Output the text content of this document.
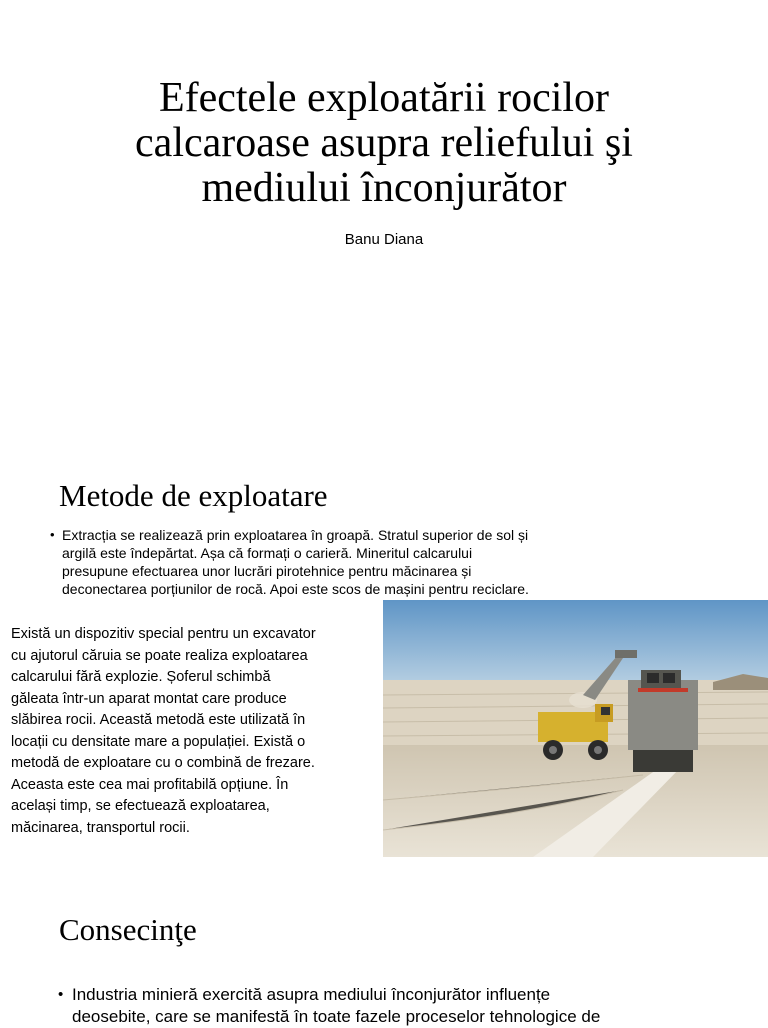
Efectele exploatării rocilor
calcaroase asupra reliefului şi
mediului înconjurător
Banu Diana
Metode de exploatare
• Extracția se realizează prin exploatarea în groapă. Stratul superior de sol și
argilă este îndepărtat. Așa că formați o carieră. Mineritul calcarului
presupune efectuarea unor lucrări pirotehnice pentru măcinarea și
deconectarea porțiunilor de rocă. Apoi este scos de mașini pentru reciclare.
Există un dispozitiv special pentru un excavator
cu ajutorul căruia se poate realiza exploatarea
calcarului fără explozie. Șoferul schimbă
găleata într-un aparat montat care produce
slăbirea rocii. Această metodă este utilizată în
locații cu densitate mare a populației. Există o
metodă de exploatare cu o combină de frezare.
Aceasta este cea mai profitabilă opțiune. În
același timp, se efectuează exploatarea,
măcinarea, transportul rocii.
Consecinţe
• Industria minieră exercită asupra mediului înconjurător influențe
deosebite, care se manifestă în toate fazele proceselor tehnologice de
